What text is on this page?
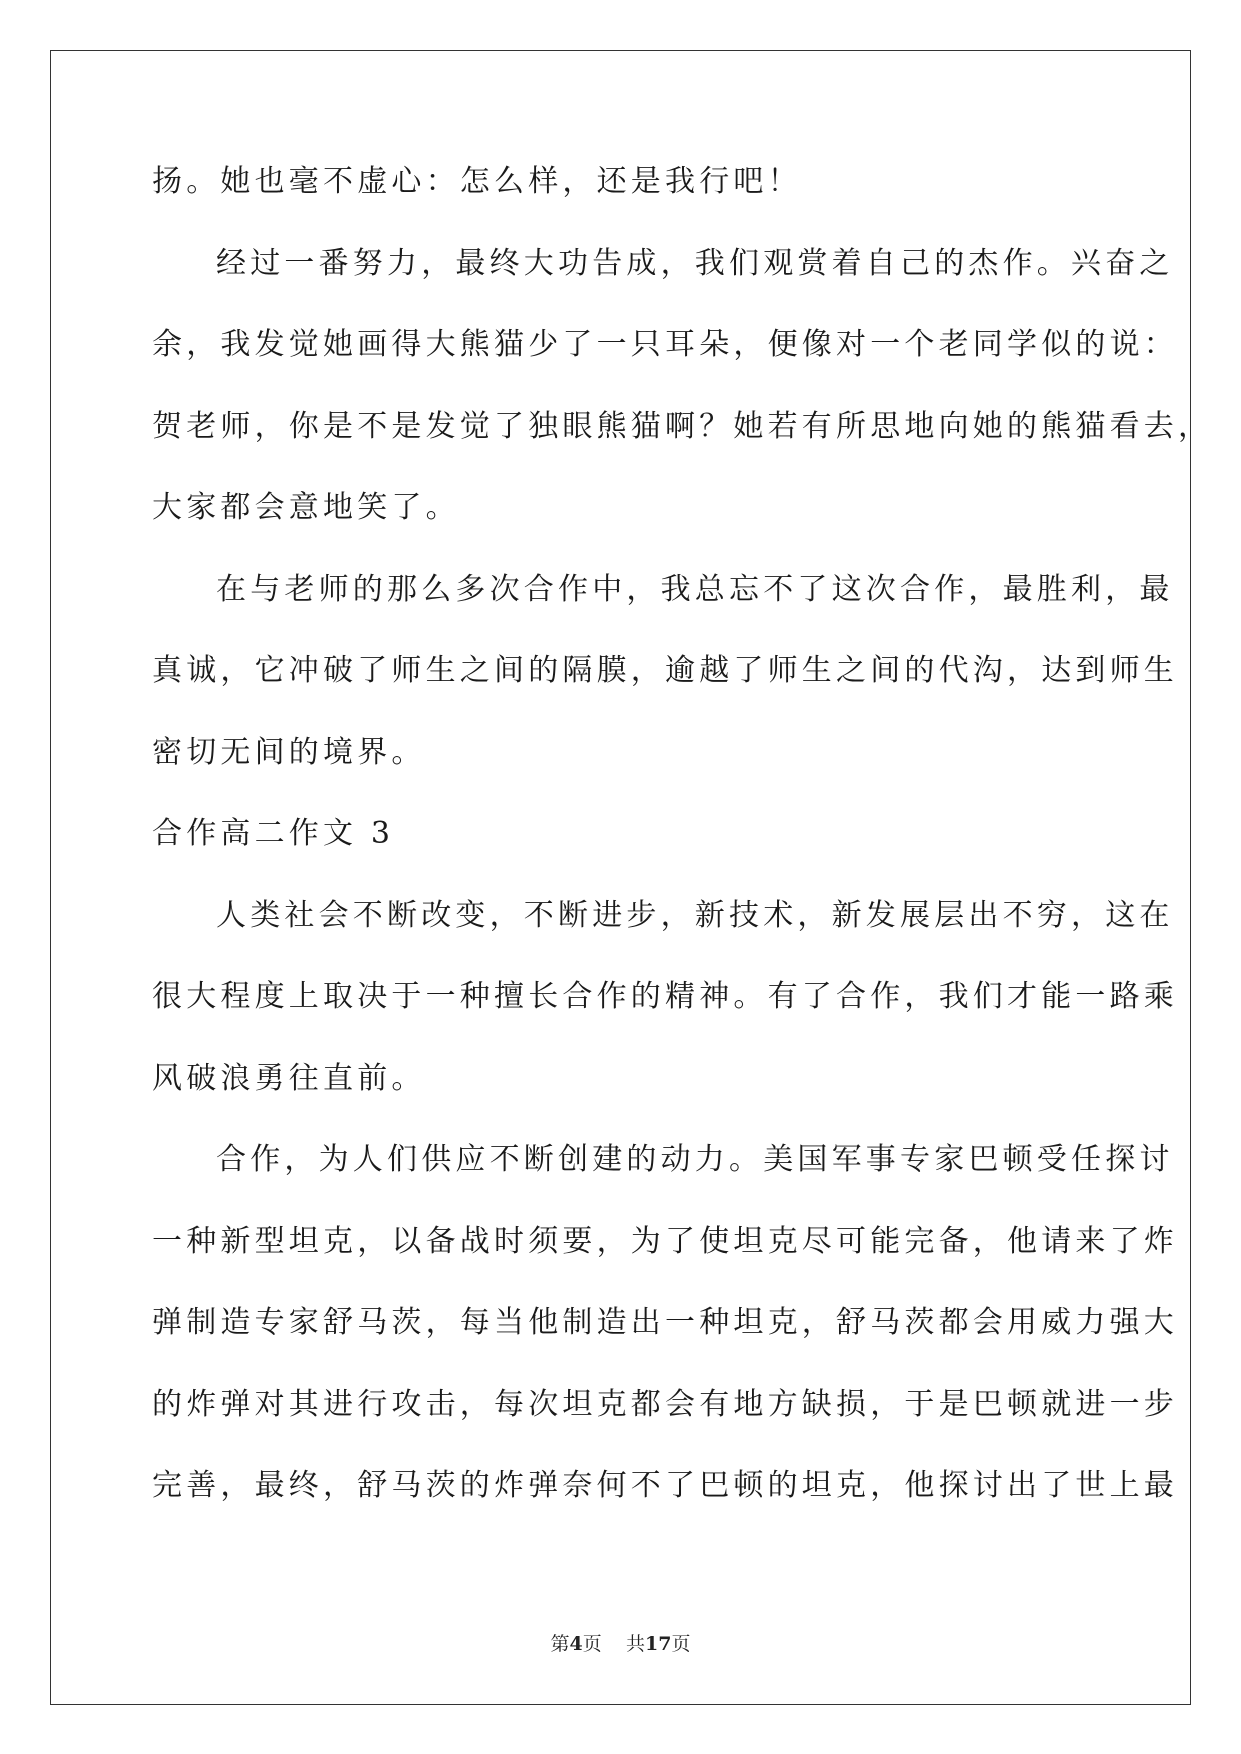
扬。她也毫不虚心：怎么样，还是我行吧！
经过一番努力，最终大功告成，我们观赏着自己的杰作。兴奋之
余，我发觉她画得大熊猫少了一只耳朵，便像对一个老同学似的说：
贺老师，你是不是发觉了独眼熊猫啊？她若有所思地向她的熊猫看去，
大家都会意地笑了。
在与老师的那么多次合作中，我总忘不了这次合作，最胜利，最
真诚，它冲破了师生之间的隔膜，逾越了师生之间的代沟，达到师生
密切无间的境界。
合作高二作文 3
人类社会不断改变，不断进步，新技术，新发展层出不穷，这在
很大程度上取决于一种擅长合作的精神。有了合作，我们才能一路乘
风破浪勇往直前。
合作，为人们供应不断创建的动力。美国军事专家巴顿受任探讨
一种新型坦克，以备战时须要，为了使坦克尽可能完备，他请来了炸
弹制造专家舒马茨，每当他制造出一种坦克，舒马茨都会用威力强大
的炸弹对其进行攻击，每次坦克都会有地方缺损，于是巴顿就进一步
完善，最终，舒马茨的炸弹奈何不了巴顿的坦克，他探讨出了世上最
第4页 共17页
